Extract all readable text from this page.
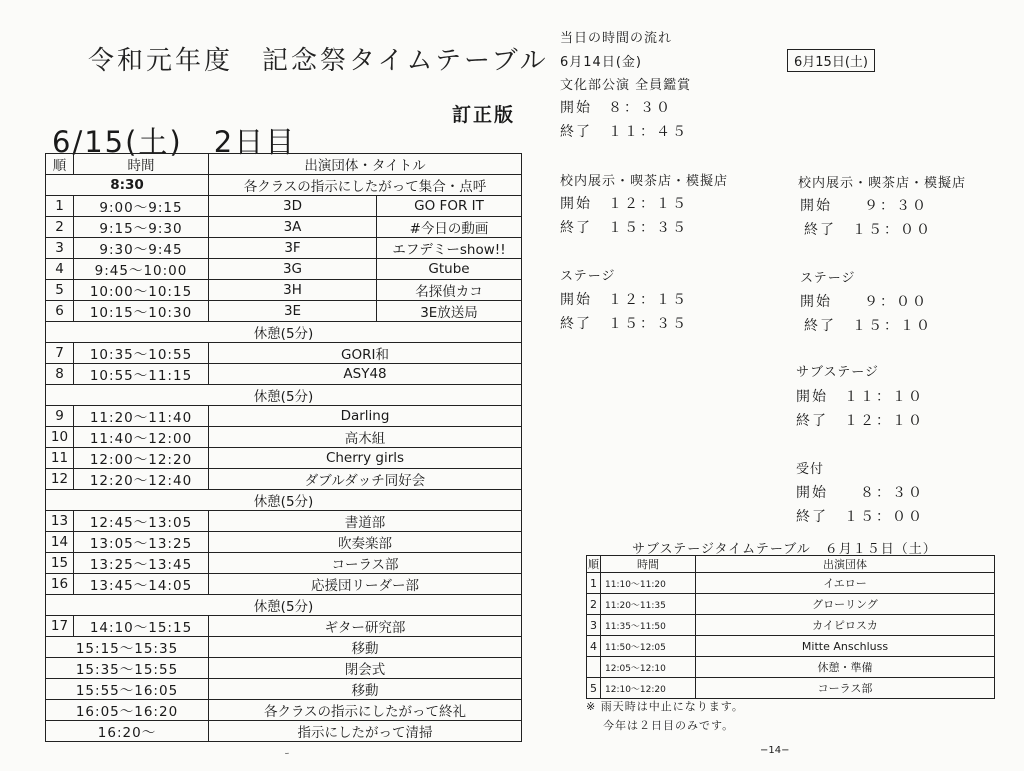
令和元年度　記念祭タイムテーブル
訂正版
6/15(土)　2日目
順	時間	出演団体・タイトル	
8:30		各クラスの指示にしたがって集合・点呼	
1	9:00〜9:15	3D	GO FOR IT
2	9:15〜9:30	3A	#今日の動画
3	9:30〜9:45	3F	エフデミーshow!!
4	9:45〜10:00	3G	Gtube
5	10:00〜10:15	3H	名探偵カコ
6	10:15〜10:30	3E	3E放送局
休憩(5分)			
7	10:35〜10:55	GORI和	
8	10:55〜11:15	ASY48	
休憩(5分)			
9	11:20〜11:40	Darling	
10	11:40〜12:00	高木組	
11	12:00〜12:20	Cherry girls	
12	12:20〜12:40	ダブルダッチ同好会	
休憩(5分)			
13	12:45〜13:05	書道部	
14	13:05〜13:25	吹奏楽部	
15	13:25〜13:45	コーラス部	
16	13:45〜14:05	応援団リーダー部	
休憩(5分)			
17	14:10〜15:15	ギター研究部	
15:15〜15:35		移動	
15:35〜15:55		閉会式	
15:55〜16:05		移動	
16:05〜16:20		各クラスの指示にしたがって終礼	
16:20〜		指示にしたがって清掃	
ｰ
当日の時間の流れ
6月14日(金)
文化部公演 全員鑑賞
開始　８：３０
終了　１１：４５
6月15日(土)
校内展示・喫茶店・模擬店
開始　１２：１５
終了　１５：３５
校内展示・喫茶店・模擬店
開始　　９：３０
終了　１５：００
ステージ
開始　１２：１５
終了　１５：３５
ステージ
開始　　９：００
終了　１５：１０
サブステージ
開始　１１：１０
終了　１２：１０
受付
開始　　８：３０
終了　１５：００
サブステージタイムテーブル　６月１５日（土）
順	時間	出演団体
1	11:10〜11:20	イエロー
2	11:20〜11:35	グローリング
3	11:35〜11:50	カイピロスカ
4	11:50〜12:05	Mitte Anschluss
	12:05〜12:10	休憩・準備
5	12:10〜12:20	コーラス部
※ 雨天時は中止になります。
今年は２日目のみです。
−14−
